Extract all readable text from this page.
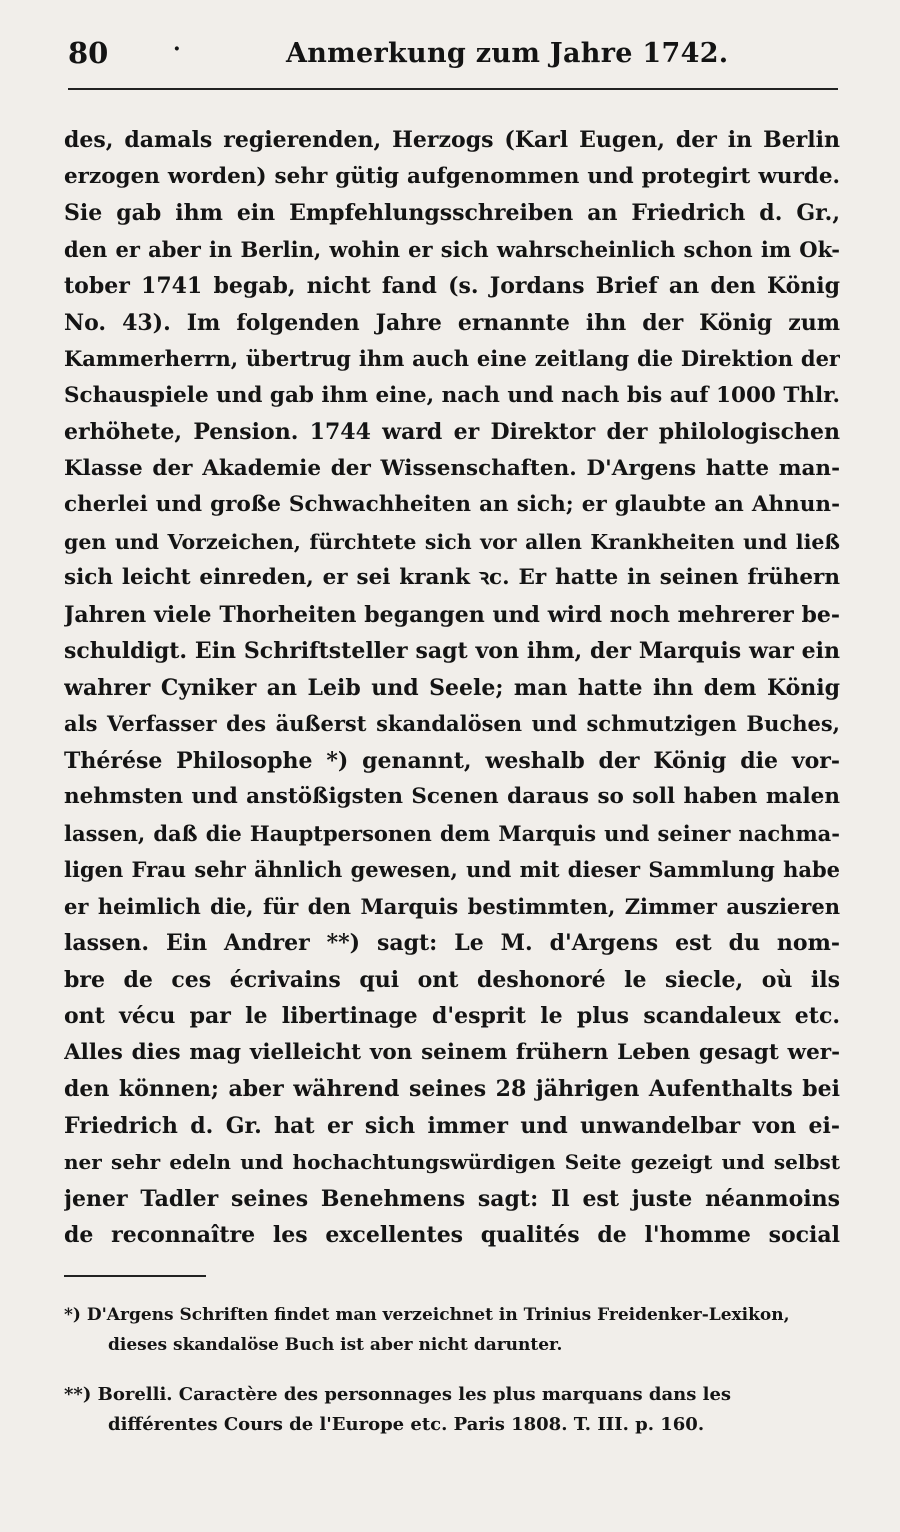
80	·	Anmerkung zum Jahre 1742.
des, damals regierenden, Herzogs (Karl Eugen, der in Berlin
erzogen worden) sehr gütig aufgenommen und protegirt wurde.
Sie gab ihm ein Empfehlungsschreiben an Friedrich d. Gr.,
den er aber in Berlin, wohin er sich wahrscheinlich schon im Ok-
tober 1741 begab, nicht fand (s. Jordans Brief an den König
No. 43). Im folgenden Jahre ernannte ihn der König zum
Kammerherrn, übertrug ihm auch eine zeitlang die Direktion der
Schauspiele und gab ihm eine, nach und nach bis auf 1000 Thlr.
erhöhete, Pension. 1744 ward er Direktor der philologischen
Klasse der Akademie der Wissenschaften. D'Argens hatte man-
cherlei und große Schwachheiten an sich; er glaubte an Ahnun-
gen und Vorzeichen, fürchtete sich vor allen Krankheiten und ließ
sich leicht einreden, er sei krank ꝛc. Er hatte in seinen frühern
Jahren viele Thorheiten begangen und wird noch mehrerer be-
schuldigt. Ein Schriftsteller sagt von ihm, der Marquis war ein
wahrer Cyniker an Leib und Seele; man hatte ihn dem König
als Verfasser des äußerst skandalösen und schmutzigen Buches,
Thérése Philosophe *) genannt, weshalb der König die vor-
nehmsten und anstößigsten Scenen daraus so soll haben malen
lassen, daß die Hauptpersonen dem Marquis und seiner nachma-
ligen Frau sehr ähnlich gewesen, und mit dieser Sammlung habe
er heimlich die, für den Marquis bestimmten, Zimmer auszieren
lassen. Ein Andrer **) sagt: Le M. d'Argens est du nom-
bre de ces écrivains qui ont deshonoré le siecle, où ils
ont vécu par le libertinage d'esprit le plus scandaleux etc.
Alles dies mag vielleicht von seinem frühern Leben gesagt wer-
den können; aber während seines 28 jährigen Aufenthalts bei
Friedrich d. Gr. hat er sich immer und unwandelbar von ei-
ner sehr edeln und hochachtungswürdigen Seite gezeigt und selbst
jener Tadler seines Benehmens sagt: Il est juste néanmoins
de reconnaître les excellentes qualités de l'homme social
*) D'Argens Schriften findet man verzeichnet in Trinius Freidenker-Lexikon,
dieses skandalöse Buch ist aber nicht darunter.
**) Borelli. Caractère des personnages les plus marquans dans les
différentes Cours de l'Europe etc. Paris 1808. T. III. p. 160.
